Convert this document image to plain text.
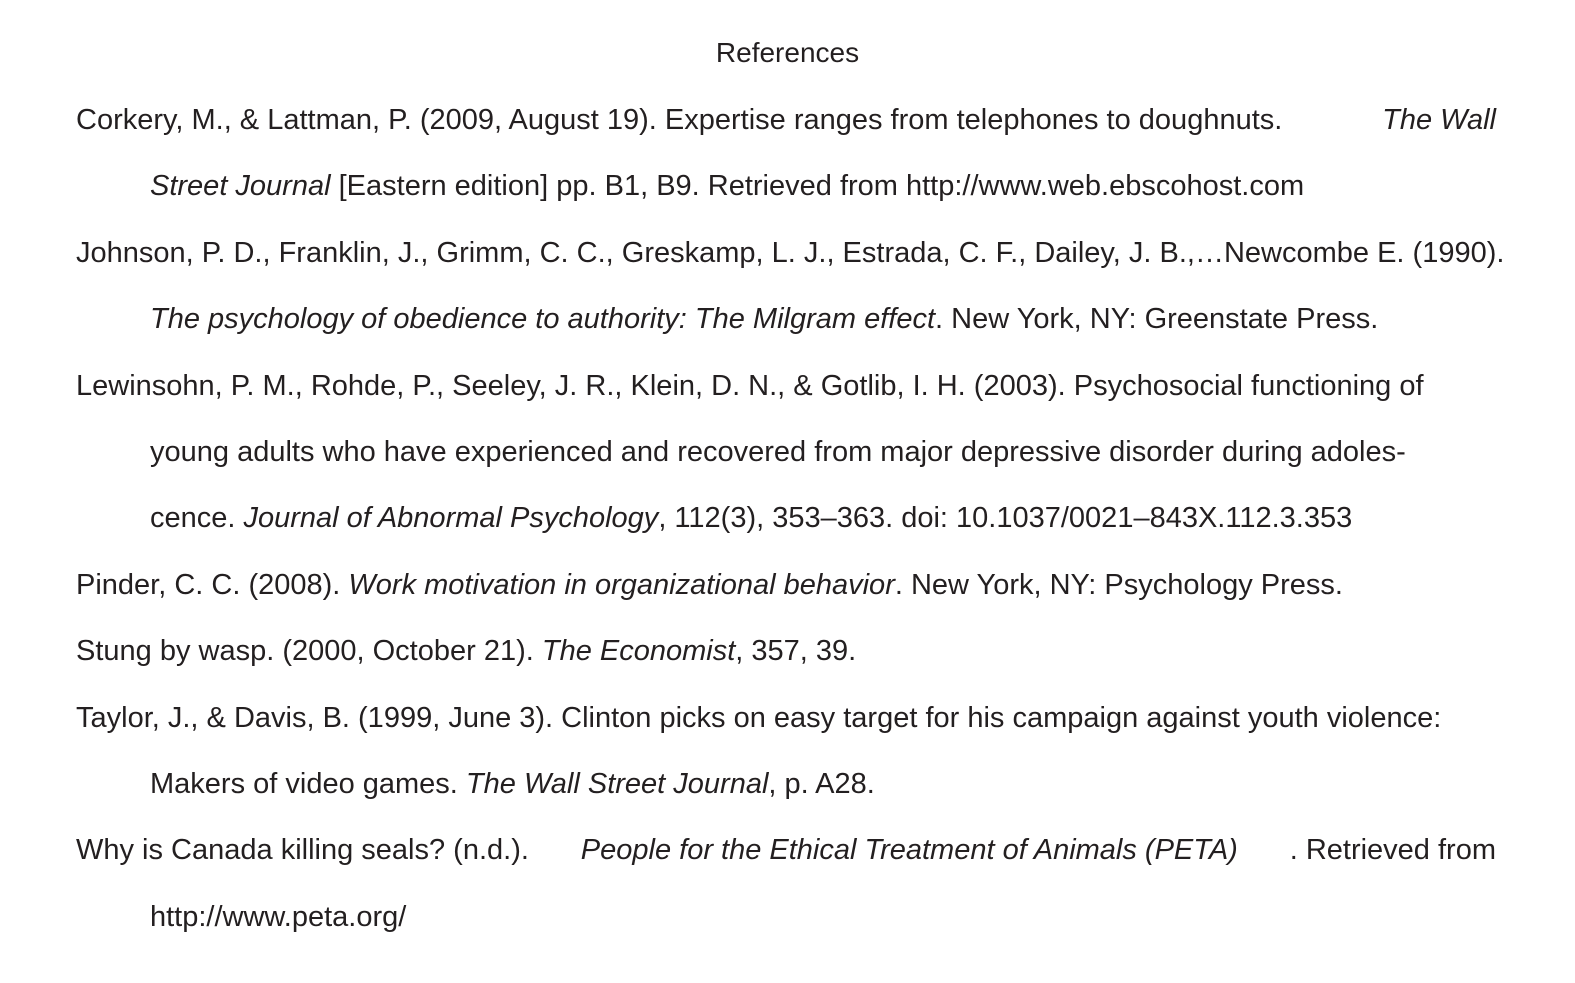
References
Corkery, M., & Lattman, P. (2009, August 19). Expertise ranges from telephones to doughnuts.	The Wall
Street Journal [Eastern edition] pp. B1, B9. Retrieved from http://www.web.ebscohost.com
Johnson, P. D., Franklin, J., Grimm, C. C., Greskamp, L. J., Estrada, C. F., Dailey, J. B.,…Newcombe E. (1990).
The psychology of obedience to authority: The Milgram effect. New York, NY: Greenstate Press.
Lewinsohn, P. M., Rohde, P., Seeley, J. R., Klein, D. N., & Gotlib, I. H. (2003). Psychosocial functioning of
young adults who have experienced and recovered from major depressive disorder during adoles-
cence. Journal of Abnormal Psychology, 112(3), 353–363. doi: 10.1037/0021–843X.112.3.353
Pinder, C. C. (2008). Work motivation in organizational behavior. New York, NY: Psychology Press.
Stung by wasp. (2000, October 21). The Economist, 357, 39.
Taylor, J., & Davis, B. (1999, June 3). Clinton picks on easy target for his campaign against youth violence:
Makers of video games. The Wall Street Journal, p. A28.
Why is Canada killing seals? (n.d.). People for the Ethical Treatment of Animals (PETA) . Retrieved from
http://www.peta.org/
